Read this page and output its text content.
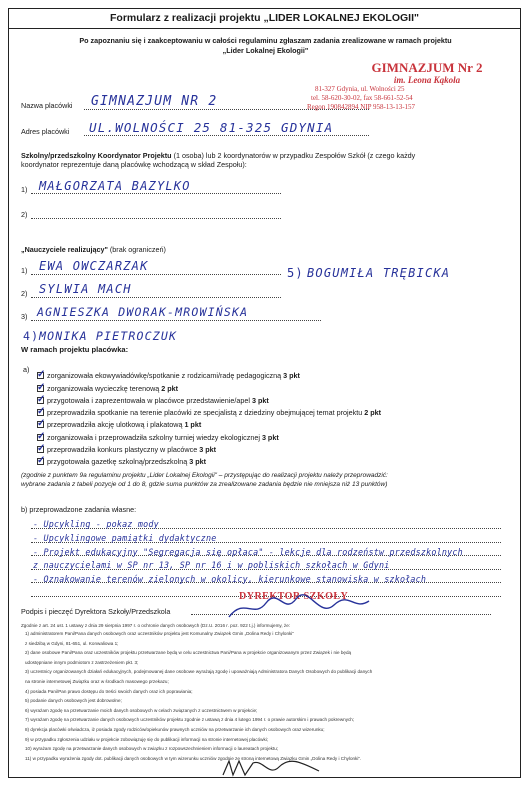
Formularz z realizacji projektu „LIDER LOKALNEJ EKOLOGII"
Po zapoznaniu się i zaakceptowaniu w całości regulaminu zgłaszam zadania zrealizowane w ramach projektu
„Lider Lokalnej Ekologii"
Nazwa placówki GIMNAZJUM NR 2
Adres placówki UL.WOLNOŚCI 25 81-325 GDYNIA
GIMNAZJUM Nr 2
im. Leona Kąkola
81-327 Gdynia, ul. Wolności 25
tel. 58-620-30-02, fax 58-661-52-54
Regon 190842894 NIP 958-13-13-157
Szkolny/przedszkolny Koordynator Projektu (1 osoba) lub 2 koordynatorów w przypadku Zespołów Szkół (z czego każdy
koordynator reprezentuje daną placówkę wchodzącą w skład Zespołu):
1) MAŁGORZATA BAZYLKO
2)
„Nauczyciele realizujący" (brak ograniczeń)
1) EWA OWCZARZAK
2) SYLWIA MACH
3) AGNIESZKA DWORAK-MROWIŃSKA
4) MONIKA PIETROCZUK
5) BOGUMIŁA TRĘBICKA
W ramach projektu placówka:
a) ✓ zorganizowała ekowywiadówkę/spotkanie z rodzicami/radę pedagogiczną 3 pkt
✓ zorganizowała wycieczkę terenową 2 pkt
✓ przygotowała i zaprezentowała w placówce przedstawienie/apel 3 pkt
✓ przeprowadziła spotkanie na terenie placówki ze specjalistą z dziedziny obejmującej temat projektu 2 pkt
✓ przeprowadziła akcję ulotkową i plakatową 1 pkt
✓ zorganizowała i przeprowadziła szkolny turniej wiedzy ekologicznej 3 pkt
✓ przeprowadziła konkurs plastyczny w placówce 3 pkt
✓ przygotowała gazetkę szkolną/przedszkolną 3 pkt
(zgodnie z punktem 9a regulaminu projektu „Lider Lokalnej Ekologii" – przystępując do realizacji projektu należy przeprowadzić:
wybrane zadania z tabeli pozycje od 1 do 8, gdzie suma punktów za zrealizowane zadania będzie nie mniejsza niż 13 punktów)
b) przeprowadzone zadania własne:
- Upcykling - pokaz mody
- Upcyklingowe pamiątki dydaktyczne
- Projekt edukacyjny "Segregacja się opłaca" - lekcje dla rodzeństw przedszkolnych
z nauczycielami w SP nr 13, SP nr 16 i w pobliskich szkołach w Gdyni
- Oznakowanie terenów zielonych w okolicy, kierunkowe stanowiska w szkołach
Podpis i pieczęć Dyrektora Szkoły/Przedszkola
DYREKTOR SZKOŁY
Zgodnie z art. 24 ust. 1 ustawy z dnia 29 sierpnia 1997 r. o ochronie danych osobowych (Dz.U. 2016 r. poz. 922 t.j.) informujemy, że:
1) administratorem Pani/Pana danych osobowych oraz uczestników projektu jest Komunalny Związek Gmin „Dolina Redy i Chylonki"
z siedzibą w Gdyni, 81-651, ul. Konwaliowa 1;
2) dane osobowe Pani/Pana oraz uczestników projektu przetwarzane będą w celu uczestnictwa Pani/Pana w projekcie organizowanym przez Związek i nie będą
udostępniane innym podmiotom z zastrzeżeniem pkt. 3;
3) uczestnicy organizowanych działań edukacyjnych, podejmowanej dane osobowe wyrażają zgodę i upoważniają Administratora Danych Osobowych do publikacji danych
na stronie internetowej Związku oraz w środkach masowego przekazu;
4) posiada Pani/Pan prawo dostępu do treści swoich danych oraz ich poprawiania;
5) podanie danych osobowych jest dobrowolne;
6) wyrażam zgodę na przetwarzanie moich danych osobowych w celach związanych z uczestnictwem w projekcie;
7) wyrażam zgodę na przetwarzanie danych osobowych uczestników projektu zgodnie z ustawą z dnia 4 lutego 1994 r. o prawie autorskim i prawach pokrewnych;
8) dyrekcja placówki oświadcza, iż posiada zgody rodziców/opiekunów prawnych uczniów na przetwarzanie ich danych osobowych oraz wizerunku;
9) w przypadku zgłoszenia udziału w projekcie zobowiązuję się do publikacji informacji na stronie internetowej placówki;
10) wyrażam zgodę na przetwarzanie danych osobowych w związku z rozpowszechnieniem informacji o laureatach projektu;
11) w przypadku wyrażenia zgody dot. publikacji danych osobowych w tym wizerunku uczniów zgodnie ze stroną internetową Związku Gmin „Dolina Redy i Chylonki".
